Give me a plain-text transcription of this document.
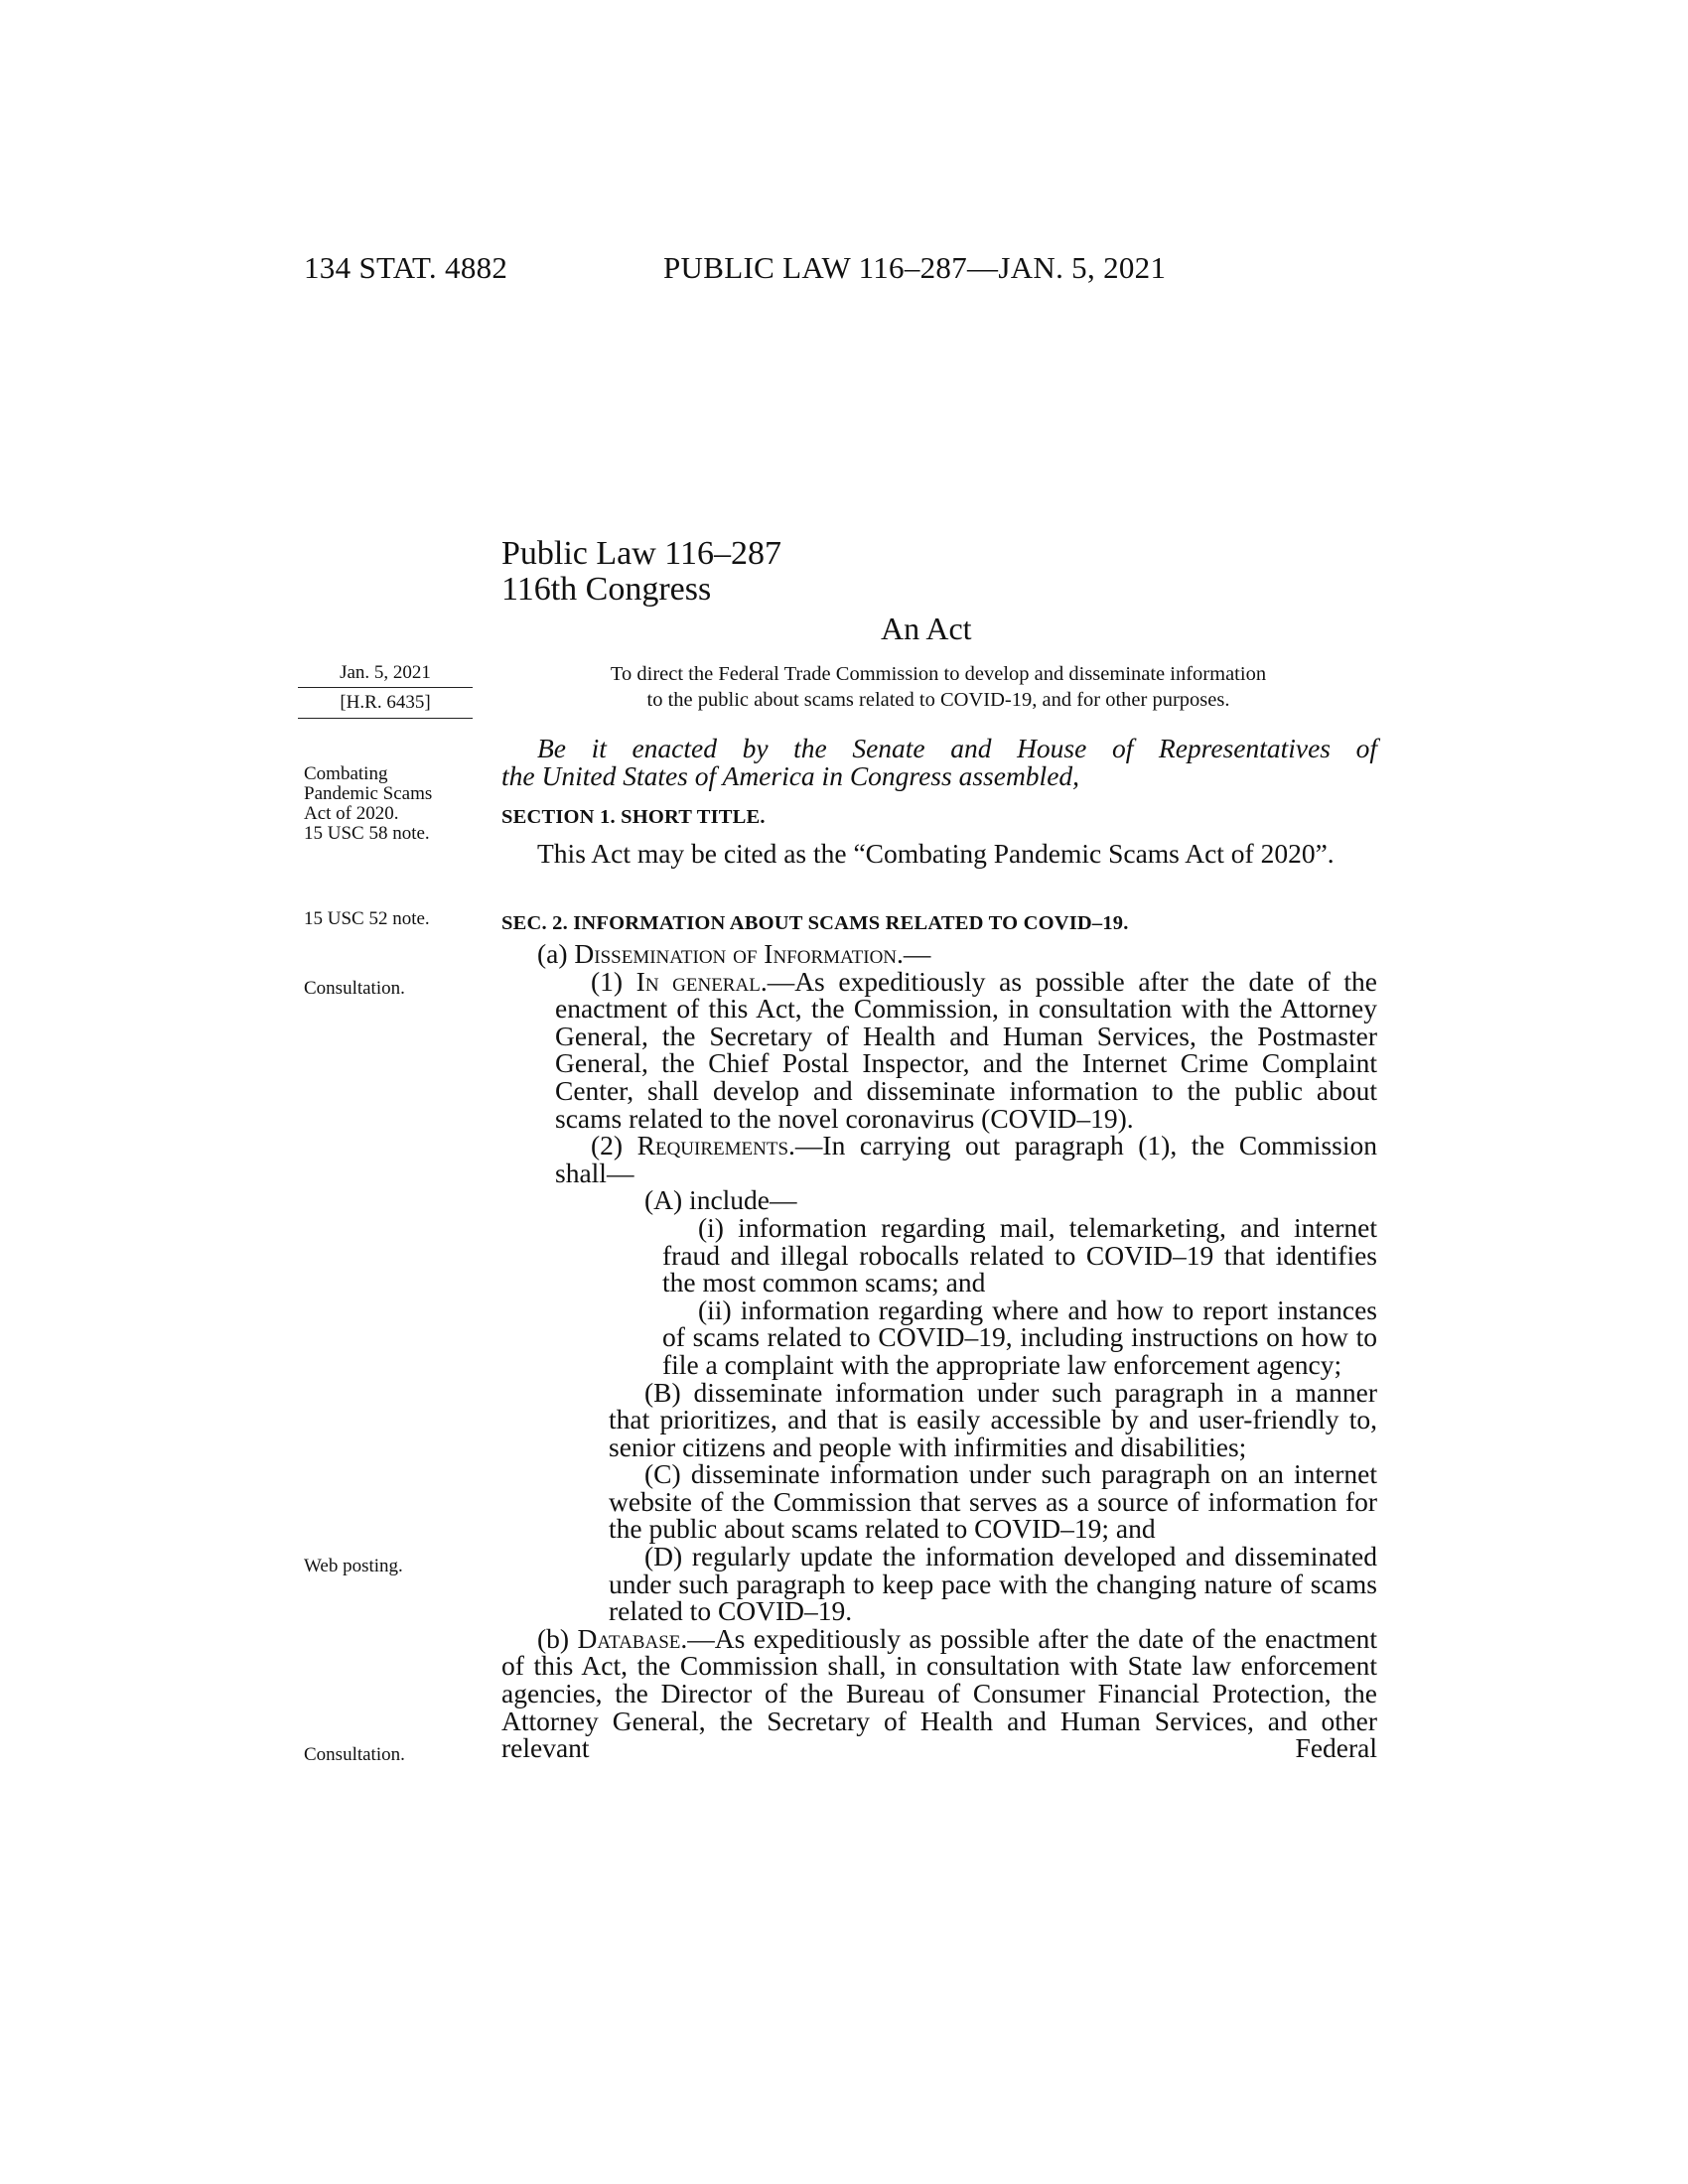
134 STAT. 4882	PUBLIC LAW 116–287—JAN. 5, 2021
Public Law 116–287
116th Congress
An Act
Jan. 5, 2021
[H.R. 6435]
To direct the Federal Trade Commission to develop and disseminate information
to the public about scams related to COVID-19, and for other purposes.
Combating
Pandemic Scams
Act of 2020.
15 USC 58 note.
15 USC 52 note.
Consultation.
Web posting.
Consultation.

Be it enacted by the Senate and House of Representatives of

the United States of America in Congress assembled,

SECTION 1. SHORT TITLE.

This Act may be cited as the “Combating Pandemic Scams Act of 2020”.

SEC. 2. INFORMATION ABOUT SCAMS RELATED TO COVID–19.

(a) Dissemination of Information.—

(1) In general.—As expeditiously as possible after the date of the enactment of this Act, the Commission, in consultation with the Attorney General, the Secretary of Health and Human Services, the Postmaster General, the Chief Postal Inspector, and the Internet Crime Complaint Center, shall develop and disseminate information to the public about scams related to the novel coronavirus (COVID–19).

(2) Requirements.—In carrying out paragraph (1), the Commission shall—

(A) include—

(i) information regarding mail, telemarketing, and internet fraud and illegal robocalls related to COVID–19 that identifies the most common scams; and

(ii) information regarding where and how to report instances of scams related to COVID–19, including instructions on how to file a complaint with the appropriate law enforcement agency;

(B) disseminate information under such paragraph in a manner that prioritizes, and that is easily accessible by and user-friendly to, senior citizens and people with infirmities and disabilities;

(C) disseminate information under such paragraph on an internet website of the Commission that serves as a source of information for the public about scams related to COVID–19; and

(D) regularly update the information developed and disseminated under such paragraph to keep pace with the changing nature of scams related to COVID–19.

(b) Database.—As expeditiously as possible after the date of the enactment of this Act, the Commission shall, in consultation with State law enforcement agencies, the Director of the Bureau of Consumer Financial Protection, the Attorney General, the Secretary of Health and Human Services, and other relevant Federal
